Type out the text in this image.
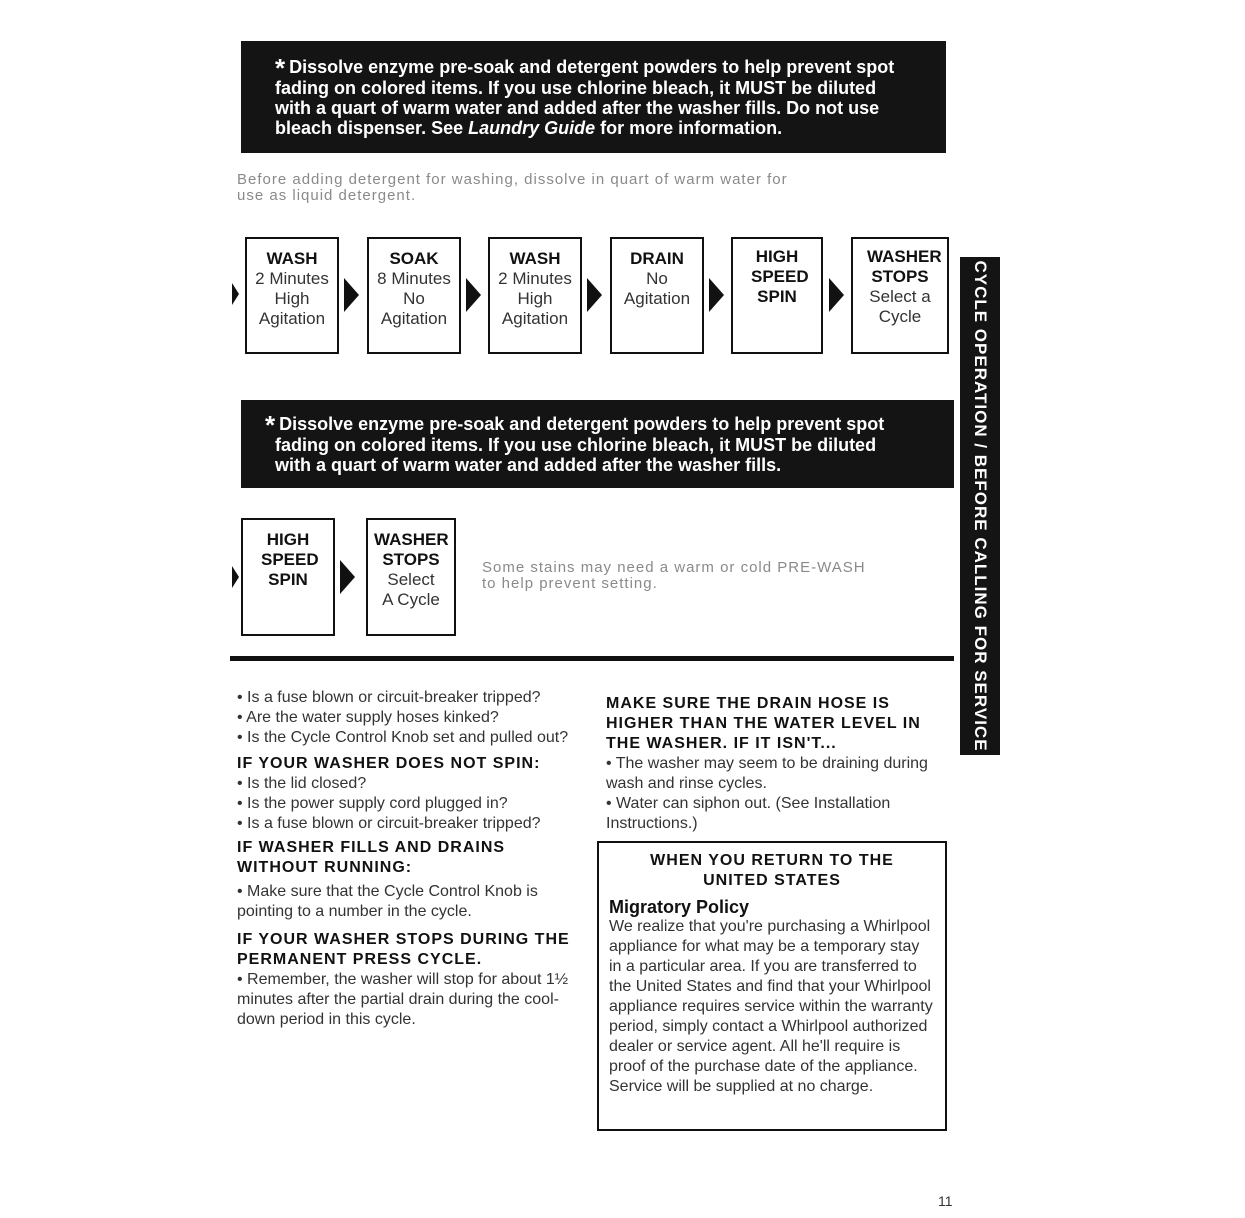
* Dissolve enzyme pre-soak and detergent powders to help prevent spot
fading on colored items. If you use chlorine bleach, it MUST be diluted
with a quart of warm water and added after the washer fills. Do not use
bleach dispenser. See Laundry Guide for more information.
Before adding detergent for washing, dissolve in quart of warm water for
use as liquid detergent.
WASH
2 Minutes
High
Agitation
SOAK
8 Minutes
No
Agitation
WASH
2 Minutes
High
Agitation
DRAIN
No
Agitation
HIGH SPEED SPIN
WASHER STOPS
Select a
Cycle
* Dissolve enzyme pre-soak and detergent powders to help prevent spot
fading on colored items. If you use chlorine bleach, it MUST be diluted
with a quart of warm water and added after the washer fills.
HIGH SPEED SPIN
WASHER STOPS
Select
A Cycle
Some stains may need a warm or cold PRE-WASH
to help prevent setting.	CYCLE OPERATION / BEFORE CALLING FOR SERVICE
• Is a fuse blown or circuit-breaker tripped?
• Are the water supply hoses kinked?
• Is the Cycle Control Knob set and pulled out?
IF YOUR WASHER DOES NOT SPIN:
• Is the lid closed?
• Is the power supply cord plugged in?
• Is a fuse blown or circuit-breaker tripped?
IF WASHER FILLS AND DRAINS WITHOUT RUNNING:
• Make sure that the Cycle Control Knob is pointing to a number in the cycle.
IF YOUR WASHER STOPS DURING THE PERMANENT PRESS CYCLE.
• Remember, the washer will stop for about 1½ minutes after the partial drain during the cool-down period in this cycle.
MAKE SURE THE DRAIN HOSE IS HIGHER THAN THE WATER LEVEL IN THE WASHER. IF IT ISN'T...
• The washer may seem to be draining during wash and rinse cycles.
• Water can siphon out. (See Installation Instructions.)
WHEN YOU RETURN TO THE
UNITED STATES
Migratory Policy
We realize that you're purchasing a Whirlpool appliance for what may be a temporary stay in a particular area. If you are transferred to the United States and find that your Whirlpool appliance requires service within the warranty period, simply contact a Whirlpool authorized dealer or service agent. All he'll require is proof of the purchase date of the appliance. Service will be supplied at no charge.
11
